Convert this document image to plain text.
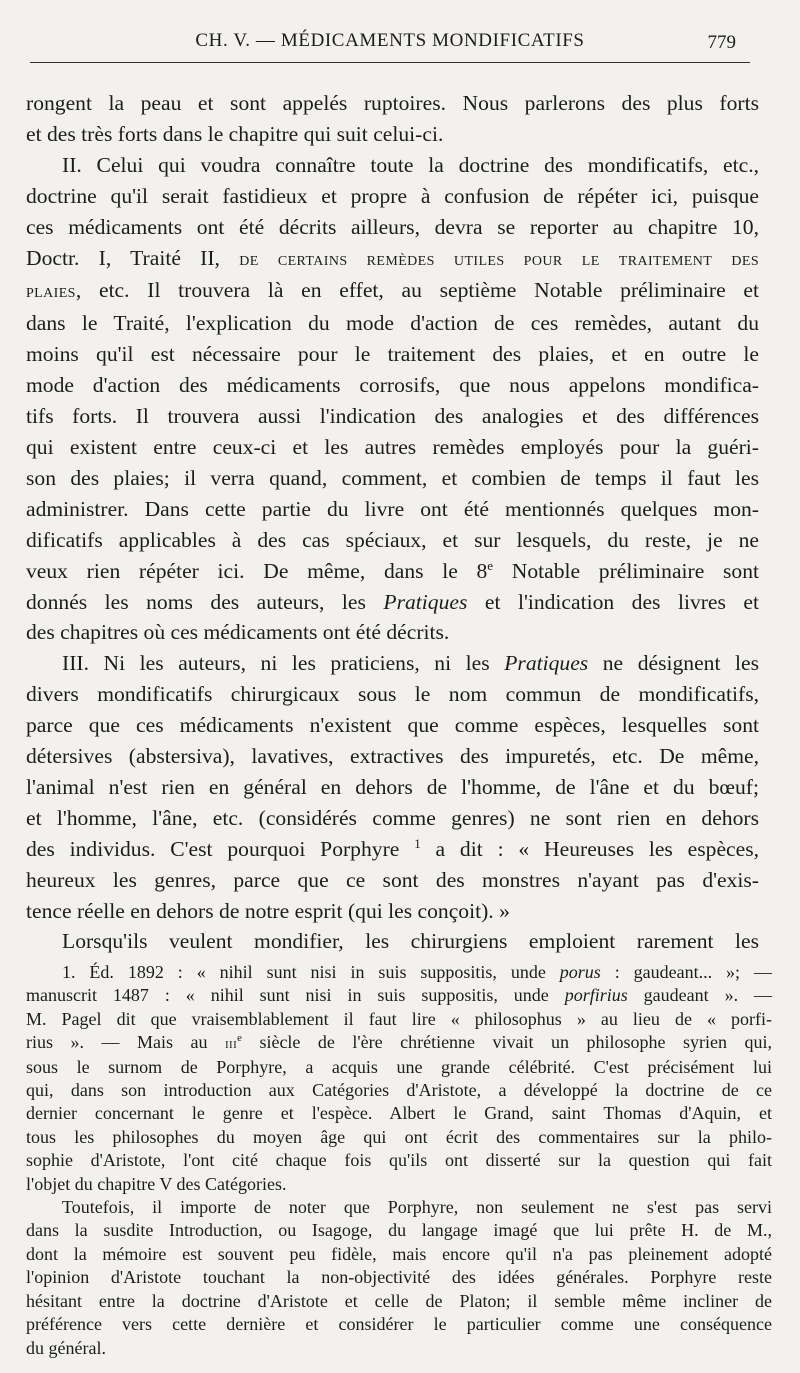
CH. V. — MÉDICAMENTS MONDIFICATIFS	779

rongent la peau et sont appelés ruptoires. Nous parlerons des plus forts

et des très forts dans le chapitre qui suit celui-ci.

II. Celui qui voudra connaître toute la doctrine des mondificatifs, etc.,

doctrine qu'il serait fastidieux et propre à confusion de répéter ici, puisque

ces médicaments ont été décrits ailleurs, devra se reporter au chapitre 10,

Doctr. I, Traité II, de certains remèdes utiles pour le traitement des

plaies, etc. Il trouvera là en effet, au septième Notable préliminaire et

dans le Traité, l'explication du mode d'action de ces remèdes, autant du

moins qu'il est nécessaire pour le traitement des plaies, et en outre le

mode d'action des médicaments corrosifs, que nous appelons mondifica-

tifs forts. Il trouvera aussi l'indication des analogies et des différences

qui existent entre ceux-ci et les autres remèdes employés pour la guéri-

son des plaies; il verra quand, comment, et combien de temps il faut les

administrer. Dans cette partie du livre ont été mentionnés quelques mon-

dificatifs applicables à des cas spéciaux, et sur lesquels, du reste, je ne

veux rien répéter ici. De même, dans le 8e Notable préliminaire sont

donnés les noms des auteurs, les Pratiques et l'indication des livres et

des chapitres où ces médicaments ont été décrits.

III. Ni les auteurs, ni les praticiens, ni les Pratiques ne désignent les

divers mondificatifs chirurgicaux sous le nom commun de mondificatifs,

parce que ces médicaments n'existent que comme espèces, lesquelles sont

détersives (abstersiva), lavatives, extractives des impuretés, etc. De même,

l'animal n'est rien en général en dehors de l'homme, de l'âne et du bœuf;

et l'homme, l'âne, etc. (considérés comme genres) ne sont rien en dehors

des individus. C'est pourquoi Porphyre $^1$ a dit : « Heureuses les espèces,

heureux les genres, parce que ce sont des monstres n'ayant pas d'exis-

tence réelle en dehors de notre esprit (qui les conçoit). »

Lorsqu'ils veulent mondifier, les chirurgiens emploient rarement les

1. Éd. 1892 : « nihil sunt nisi in suis suppositis, unde porus : gaudeant... »; —

manuscrit 1487 : « nihil sunt nisi in suis suppositis, unde porfirius gaudeant ». —

M. Pagel dit que vraisemblablement il faut lire « philosophus » au lieu de « porfi-

rius ». — Mais au iii$^e$ siècle de l'ère chrétienne vivait un philosophe syrien qui,

sous le surnom de Porphyre, a acquis une grande célébrité. C'est précisément lui

qui, dans son introduction aux Catégories d'Aristote, a développé la doctrine de ce

dernier concernant le genre et l'espèce. Albert le Grand, saint Thomas d'Aquin, et

tous les philosophes du moyen âge qui ont écrit des commentaires sur la philo-

sophie d'Aristote, l'ont cité chaque fois qu'ils ont disserté sur la question qui fait

l'objet du chapitre V des Catégories.

Toutefois, il importe de noter que Porphyre, non seulement ne s'est pas servi

dans la susdite Introduction, ou Isagoge, du langage imagé que lui prête H. de M.,

dont la mémoire est souvent peu fidèle, mais encore qu'il n'a pas pleinement adopté

l'opinion d'Aristote touchant la non-objectivité des idées générales. Porphyre reste

hésitant entre la doctrine d'Aristote et celle de Platon; il semble même incliner de

préférence vers cette dernière et considérer le particulier comme une conséquence

du général.
